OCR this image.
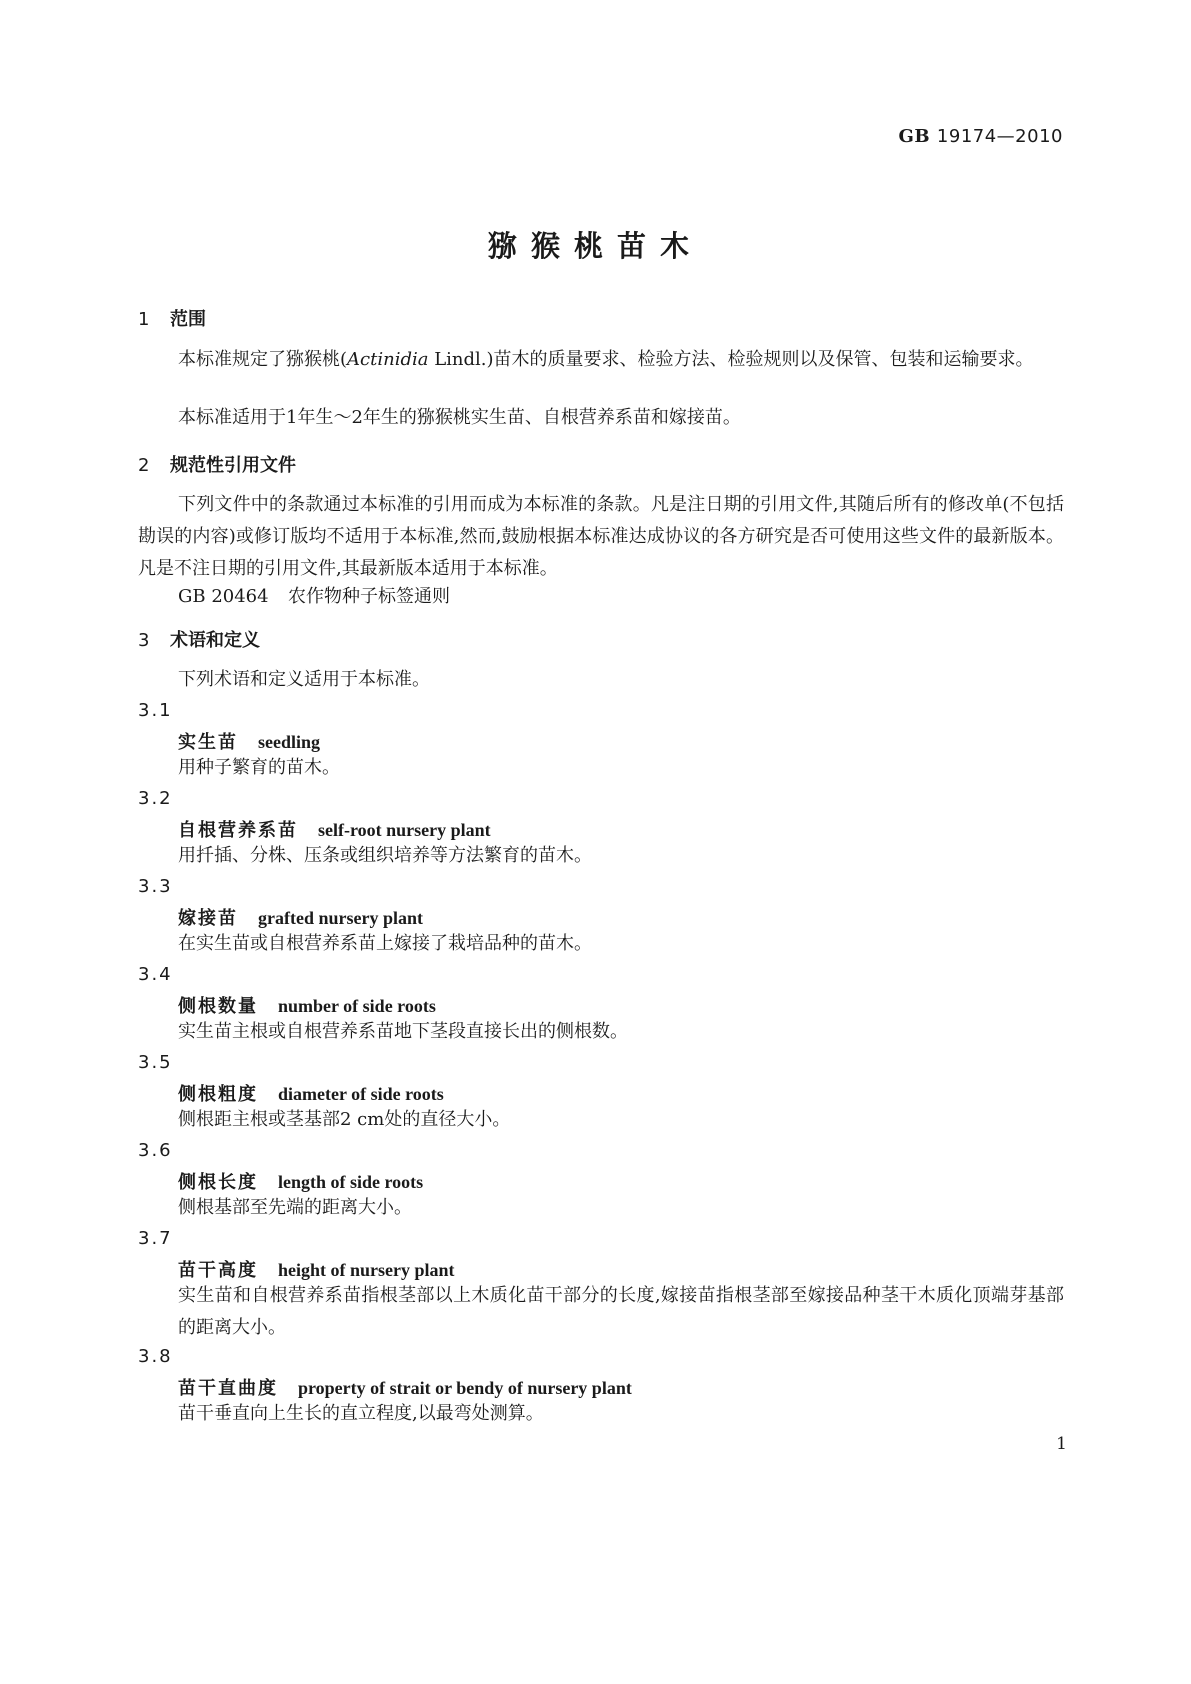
GB 19174—2010
猕猴桃苗木
1 范围
本标准规定了猕猴桃(Actinidia Lindl.)苗木的质量要求、检验方法、检验规则以及保管、包装和运输要求。
本标准适用于1年生～2年生的猕猴桃实生苗、自根营养系苗和嫁接苗。
2 规范性引用文件
下列文件中的条款通过本标准的引用而成为本标准的条款。凡是注日期的引用文件,其随后所有的修改单(不包括勘误的内容)或修订版均不适用于本标准,然而,鼓励根据本标准达成协议的各方研究是否可使用这些文件的最新版本。凡是不注日期的引用文件,其最新版本适用于本标准。
GB 20464 农作物种子标签通则
3 术语和定义
下列术语和定义适用于本标准。
3.1
实生苗 seedling
用种子繁育的苗木。
3.2
自根营养系苗 self-root nursery plant
用扦插、分株、压条或组织培养等方法繁育的苗木。
3.3
嫁接苗 grafted nursery plant
在实生苗或自根营养系苗上嫁接了栽培品种的苗木。
3.4
侧根数量 number of side roots
实生苗主根或自根营养系苗地下茎段直接长出的侧根数。
3.5
侧根粗度 diameter of side roots
侧根距主根或茎基部2 cm处的直径大小。
3.6
侧根长度 length of side roots
侧根基部至先端的距离大小。
3.7
苗干高度 height of nursery plant
实生苗和自根营养系苗指根茎部以上木质化苗干部分的长度,嫁接苗指根茎部至嫁接品种茎干木质化顶端芽基部的距离大小。
3.8
苗干直曲度 property of strait or bendy of nursery plant
苗干垂直向上生长的直立程度,以最弯处测算。
1
